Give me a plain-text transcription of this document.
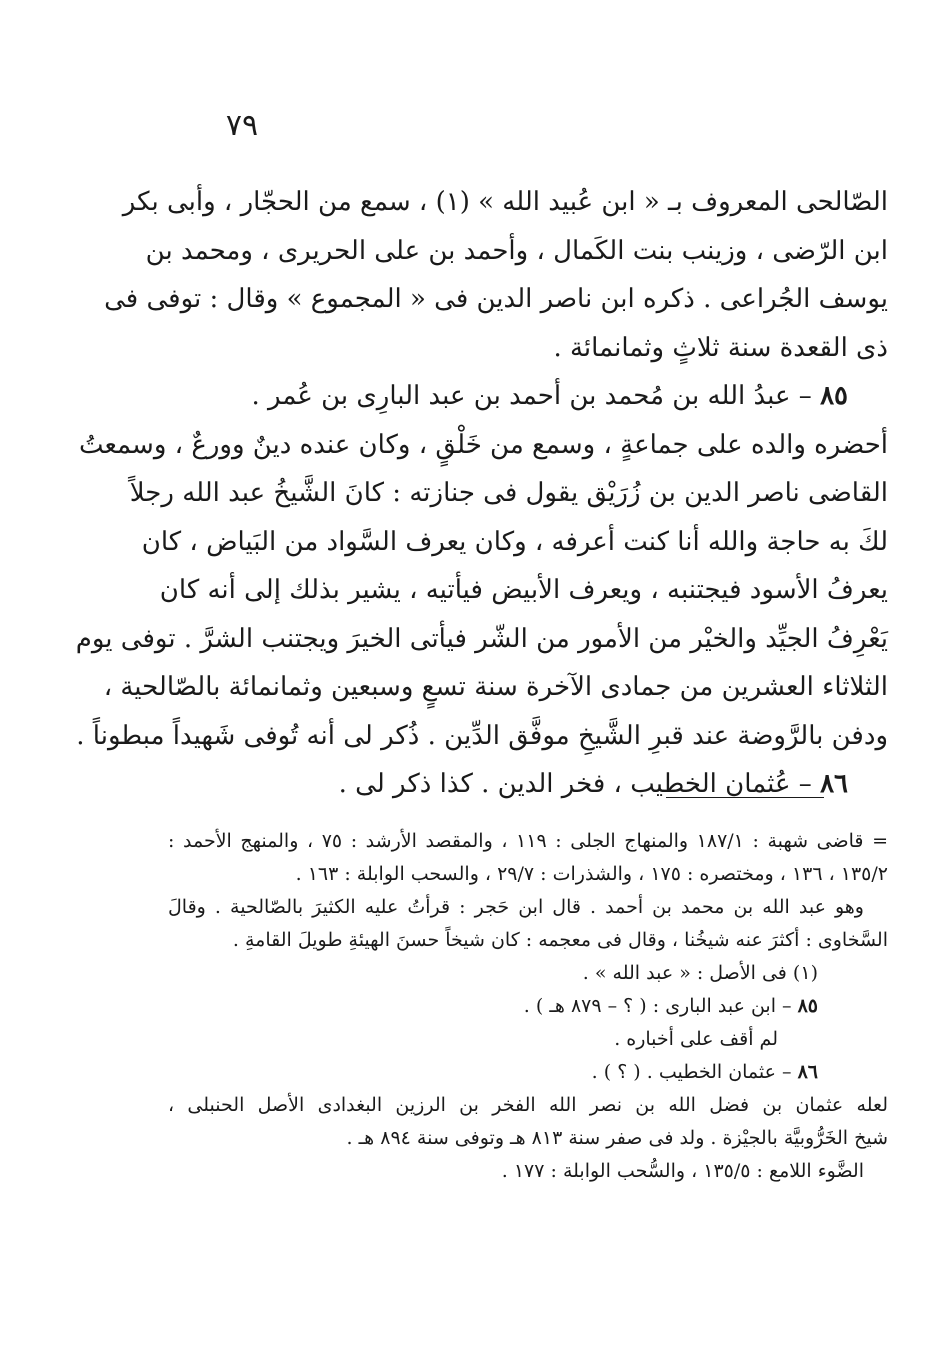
٧٩
الصّالحى المعروف بـ « ابن عُبيد الله » (١) ، سمع من الحجّار ، وأبى بكر
ابن الرّضى ، وزينب بنت الكَمال ، وأحمد بن على الحريرى ، ومحمد بن
يوسف الجُراعى . ذكره ابن ناصر الدين فى « المجموع » وقال : توفى فى
ذى القعدة سنة ثلاثٍ وثمانمائة .
٨٥ – عبدُ الله بن مُحمد بن أحمد بن عبد البارِى بن عُمر .
أحضره والده على جماعةٍ ، وسمع من خَلْقٍ ، وكان عنده دينٌ وورعٌ ، وسمعتُ
القاضى ناصر الدين بن زُرَيْق يقول فى جنازته : كانَ الشَّيخُ عبد الله رجلاً
لكَ به حاجة والله أنا كنت أعرفه ، وكان يعرف السَّواد من البَياض ، كان
يعرفُ الأسود فيجتنبه ، ويعرف الأبيض فيأتيه ، يشير بذلك إلى أنه كان
يَعْرِفُ الجيِّد والخيْر من الأمور من الشّر فيأتى الخيرَ ويجتنب الشرَّ . توفى يوم
الثلاثاء العشرين من جمادى الآخرة سنة تسعٍ وسبعين وثمانمائة بالصّالحية ،
ودفن بالرَّوضة عند قبرِ الشَّيخِ موفَّق الدِّين . ذُكر لى أنه تُوفى شَهيداً مبطوناً .
٨٦ – عُثمان الخطيب ، فخر الدين . كذا ذكر لى .
= قاضى شهبة : ١٨٧/١ والمنهاج الجلى : ١١٩ ، والمقصد الأرشد : ٧٥ ، والمنهج الأحمد :
١٣٥/٢ ، ١٣٦ ، ومختصره : ١٧٥ ، والشذرات : ٢٩/٧ ، والسحب الوابلة : ١٦٣ .
وهو عبد الله بن محمد بن أحمد . قال ابن حَجر : قرأتُ عليه الكثيرَ بالصّالحية . وقالَ
السَّخاوى : أكثرَ عنه شيخُنا ، وقال فى معجمه : كان شيخاً حسنَ الهيئةِ طويلَ القامةِ .
(١) فى الأصل : « عبد الله » .
٨٥ – ابن عبد البارى : ( ؟ – ٨٧٩ هـ ) .
لم أقف على أخباره .
٨٦ – عثمان الخطيب . ( ؟ ) .
لعله عثمان بن فضل الله بن نصر الله الفخر بن الرزين البغدادى الأصل الحنبلى ،
شيخ الخَرُّوبيَّة بالجيْزة . ولد فى صفر سنة ٨١٣ هـ وتوفى سنة ٨٩٤ هـ .
الضَّوء اللامع : ١٣٥/٥ ، والسُّحب الوابلة : ١٧٧ .
